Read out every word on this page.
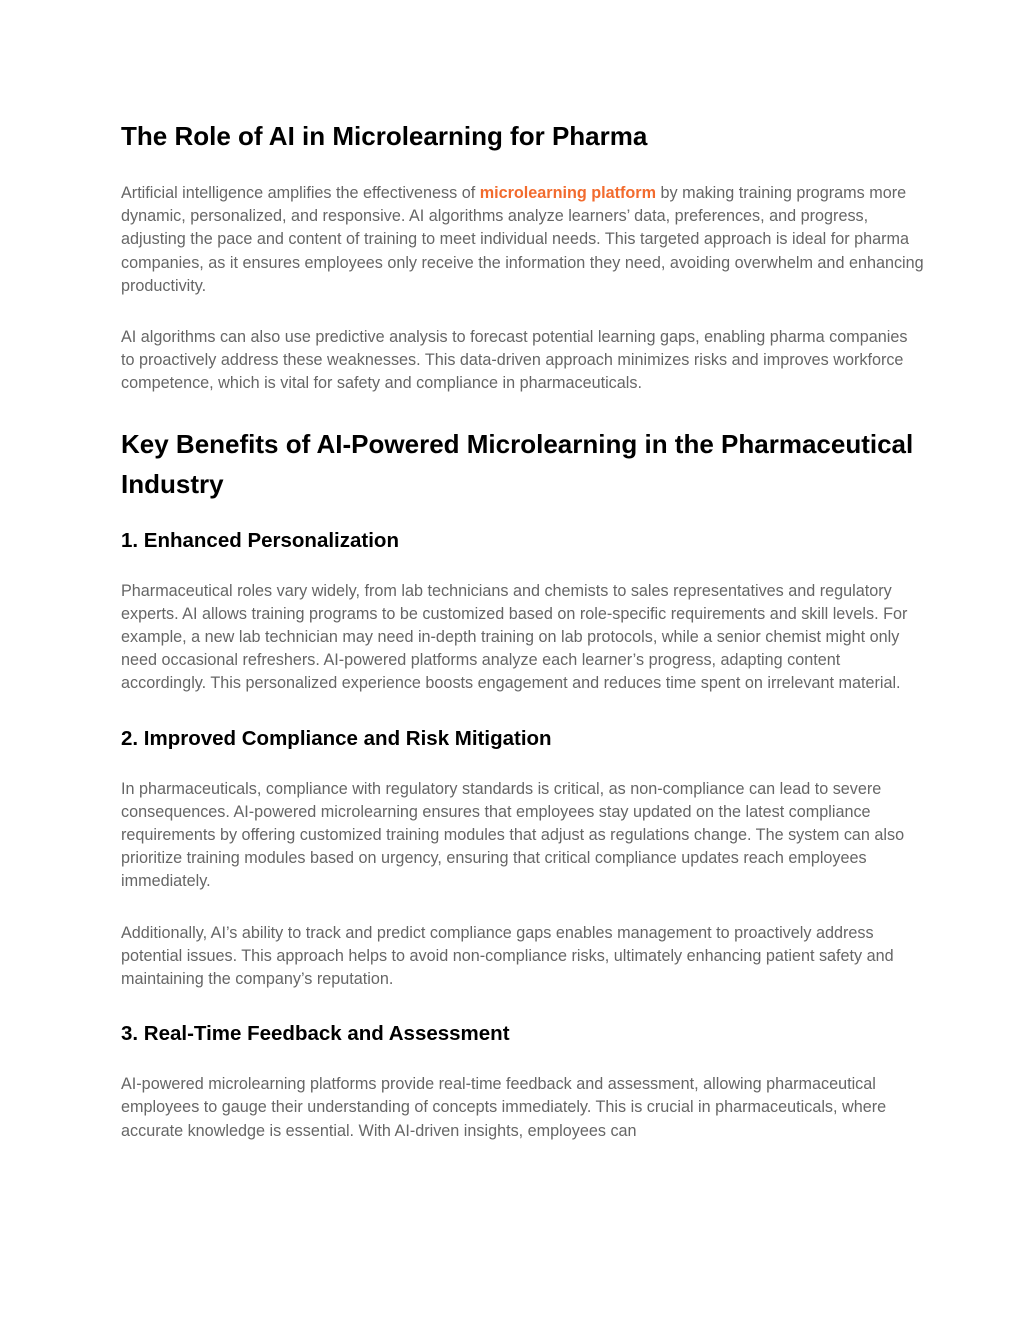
The Role of AI in Microlearning for Pharma

Artificial intelligence amplifies the effectiveness of microlearning platform by making training programs more dynamic, personalized, and responsive. AI algorithms analyze learners’ data, preferences, and progress, adjusting the pace and content of training to meet individual needs. This targeted approach is ideal for pharma companies, as it ensures employees only receive the information they need, avoiding overwhelm and enhancing productivity.

AI algorithms can also use predictive analysis to forecast potential learning gaps, enabling pharma companies to proactively address these weaknesses. This data-driven approach minimizes risks and improves workforce competence, which is vital for safety and compliance in pharmaceuticals.

Key Benefits of AI-Powered Microlearning in the Pharmaceutical Industry
1. Enhanced Personalization

Pharmaceutical roles vary widely, from lab technicians and chemists to sales representatives and regulatory experts. AI allows training programs to be customized based on role-specific requirements and skill levels. For example, a new lab technician may need in-depth training on lab protocols, while a senior chemist might only need occasional refreshers. AI-powered platforms analyze each learner’s progress, adapting content accordingly. This personalized experience boosts engagement and reduces time spent on irrelevant material.

2. Improved Compliance and Risk Mitigation

In pharmaceuticals, compliance with regulatory standards is critical, as non-compliance can lead to severe consequences. AI-powered microlearning ensures that employees stay updated on the latest compliance requirements by offering customized training modules that adjust as regulations change. The system can also prioritize training modules based on urgency, ensuring that critical compliance updates reach employees immediately.

Additionally, AI’s ability to track and predict compliance gaps enables management to proactively address potential issues. This approach helps to avoid non-compliance risks, ultimately enhancing patient safety and maintaining the company’s reputation.

3. Real-Time Feedback and Assessment

AI-powered microlearning platforms provide real-time feedback and assessment, allowing pharmaceutical employees to gauge their understanding of concepts immediately. This is crucial in pharmaceuticals, where accurate knowledge is essential. With AI-driven insights, employees can
